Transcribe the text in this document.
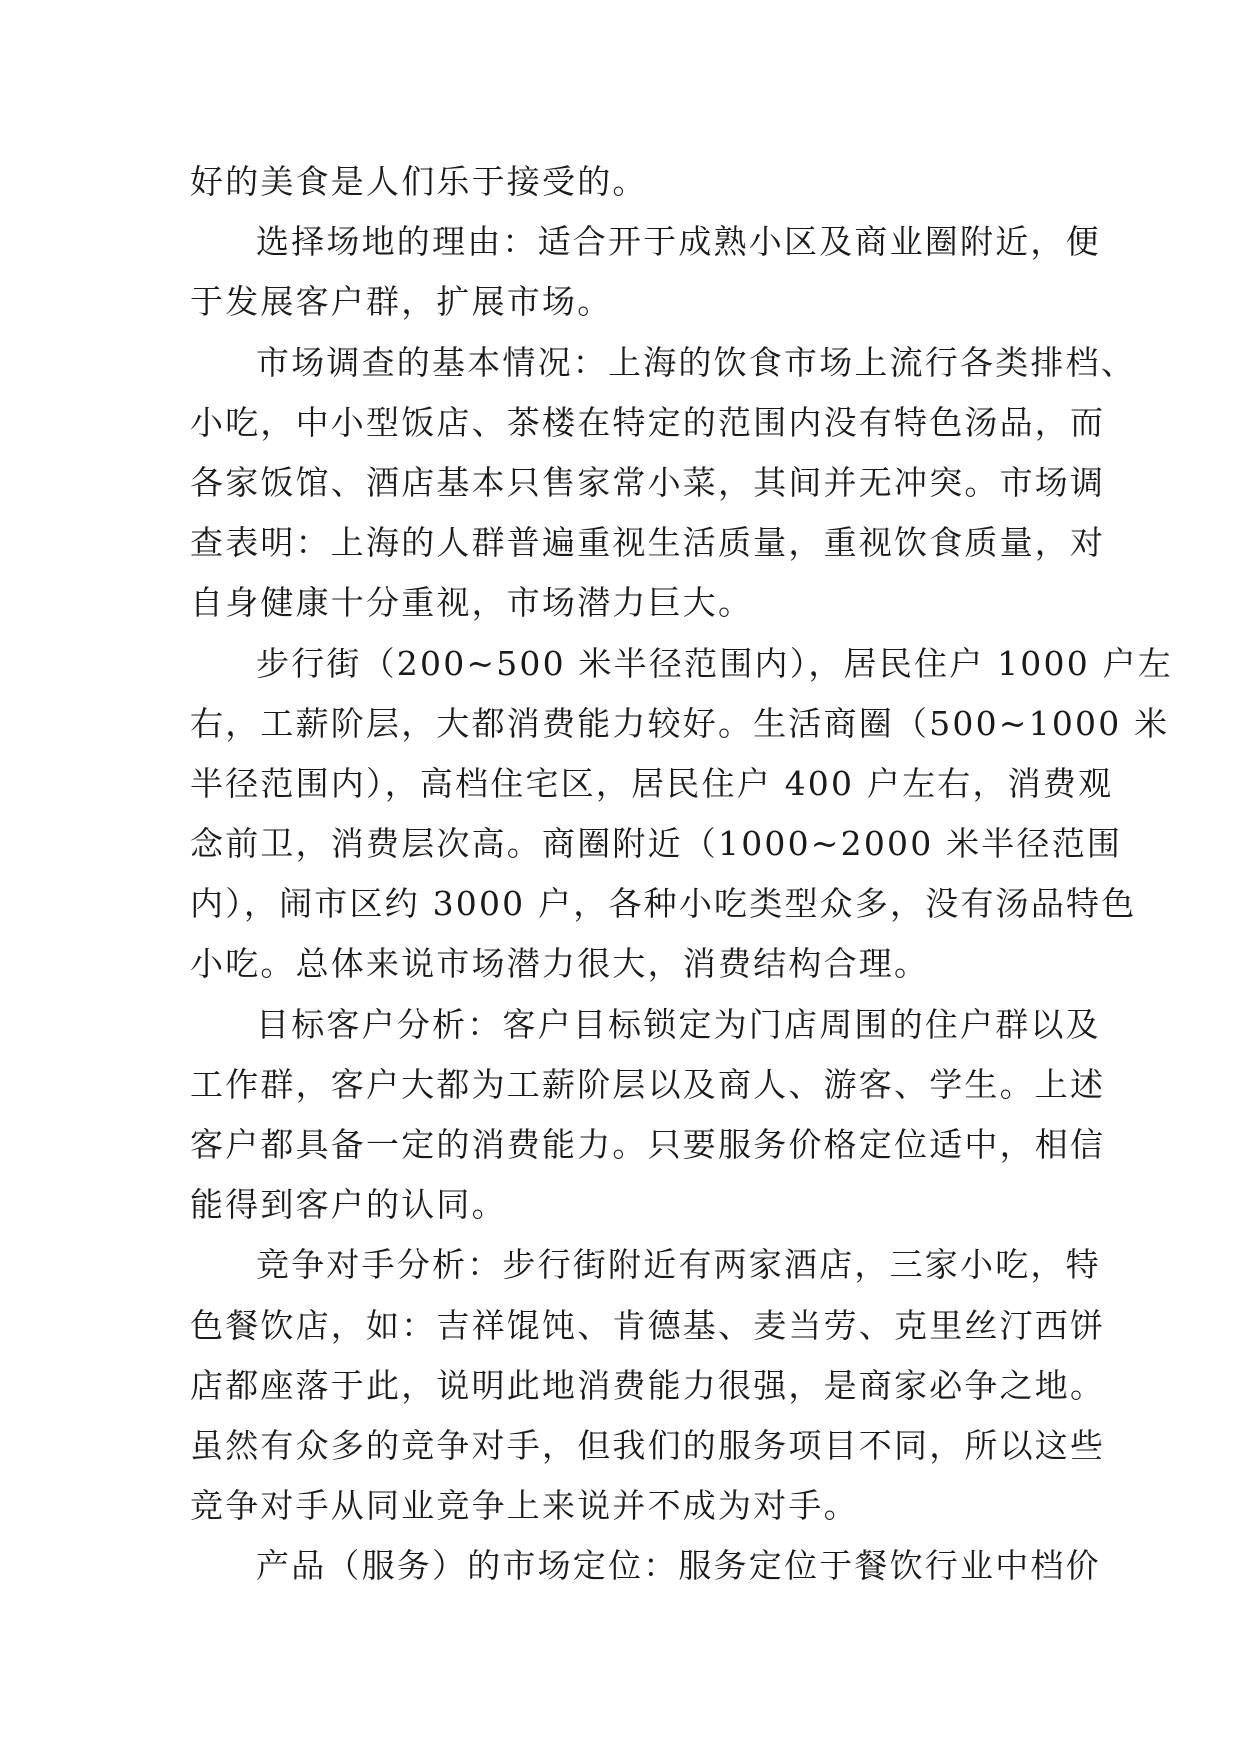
好的美食是人们乐于接受的。
选择场地的理由：适合开于成熟小区及商业圈附近，便
于发展客户群，扩展市场。
市场调查的基本情况：上海的饮食市场上流行各类排档、
小吃，中小型饭店、茶楼在特定的范围内没有特色汤品，而
各家饭馆、酒店基本只售家常小菜，其间并无冲突。市场调
查表明：上海的人群普遍重视生活质量，重视饮食质量，对
自身健康十分重视，市场潜力巨大。
步行街（200~500 米半径范围内），居民住户 1000 户左
右，工薪阶层，大都消费能力较好。生活商圈（500~1000 米
半径范围内），高档住宅区，居民住户 400 户左右，消费观
念前卫，消费层次高。商圈附近（1000~2000 米半径范围
内），闹市区约 3000 户，各种小吃类型众多，没有汤品特色
小吃。总体来说市场潜力很大，消费结构合理。
目标客户分析：客户目标锁定为门店周围的住户群以及
工作群，客户大都为工薪阶层以及商人、游客、学生。上述
客户都具备一定的消费能力。只要服务价格定位适中，相信
能得到客户的认同。
竞争对手分析：步行街附近有两家酒店，三家小吃，特
色餐饮店，如：吉祥馄饨、肯德基、麦当劳、克里丝汀西饼
店都座落于此，说明此地消费能力很强，是商家必争之地。
虽然有众多的竞争对手，但我们的服务项目不同，所以这些
竞争对手从同业竞争上来说并不成为对手。
产品（服务）的市场定位：服务定位于餐饮行业中档价
